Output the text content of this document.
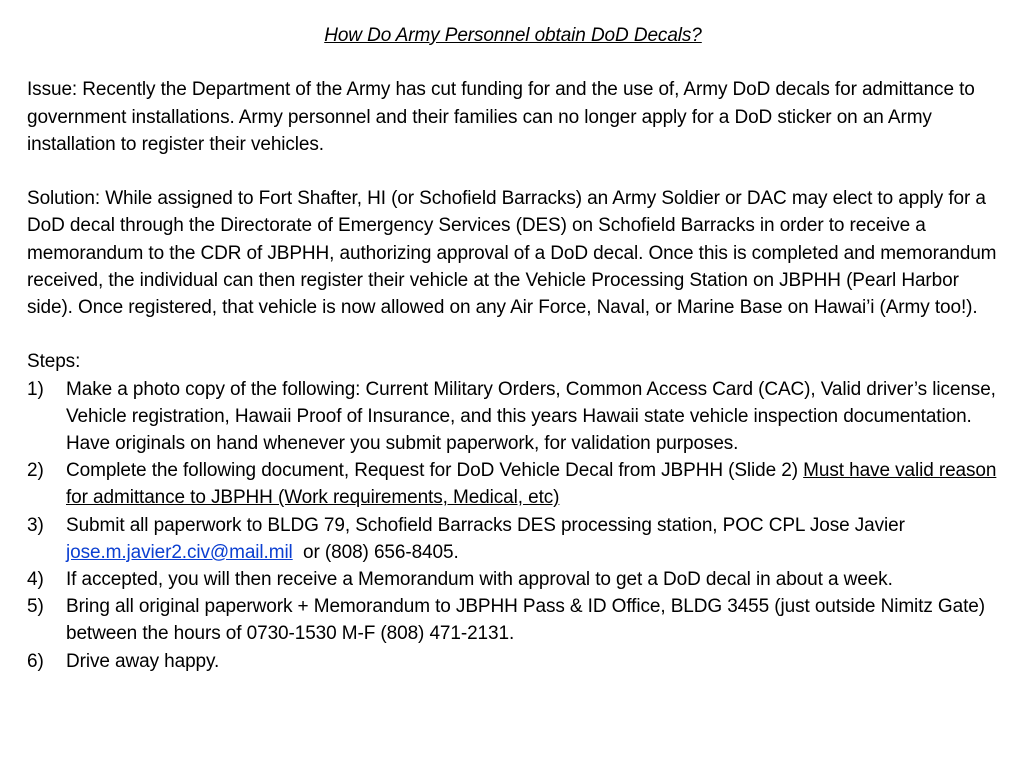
How Do Army Personnel obtain DoD Decals?

Issue: Recently the Department of the Army has cut funding for and the use of, Army DoD decals for admittance to government installations. Army personnel and their families can no longer apply for a DoD sticker on an Army installation to register their vehicles.

Solution: While assigned to Fort Shafter, HI (or Schofield Barracks) an Army Soldier or DAC may elect to apply for a DoD decal through the Directorate of Emergency Services (DES) on Schofield Barracks in order to receive a memorandum to the CDR of JBPHH, authorizing approval of a DoD decal. Once this is completed and memorandum received, the individual can then register their vehicle at the Vehicle Processing Station on JBPHH (Pearl Harbor side). Once registered, that vehicle is now allowed on any Air Force, Naval, or Marine Base on Hawai’i (Army too!).

Steps:

1)	Make a photo copy of the following: Current Military Orders, Common Access Card (CAC), Valid driver’s license, Vehicle registration, Hawaii Proof of Insurance, and this years Hawaii state vehicle inspection documentation. Have originals on hand whenever you submit paperwork, for validation purposes.
2)	Complete the following document, Request for DoD Vehicle Decal from JBPHH (Slide 2) Must have valid reason for admittance to JBPHH (Work requirements, Medical, etc)
3)	Submit all paperwork to BLDG 79, Schofield Barracks DES processing station, POC CPL Jose Javier jose.m.javier2.civ@mail.mil  or (808) 656-8405.
4)	If accepted, you will then receive a Memorandum with approval to get a DoD decal in about a week.
5)	Bring all original paperwork + Memorandum to JBPHH Pass & ID Office, BLDG 3455 (just outside Nimitz Gate) between the hours of 0730-1530 M-F (808) 471-2131.
6)	Drive away happy.
